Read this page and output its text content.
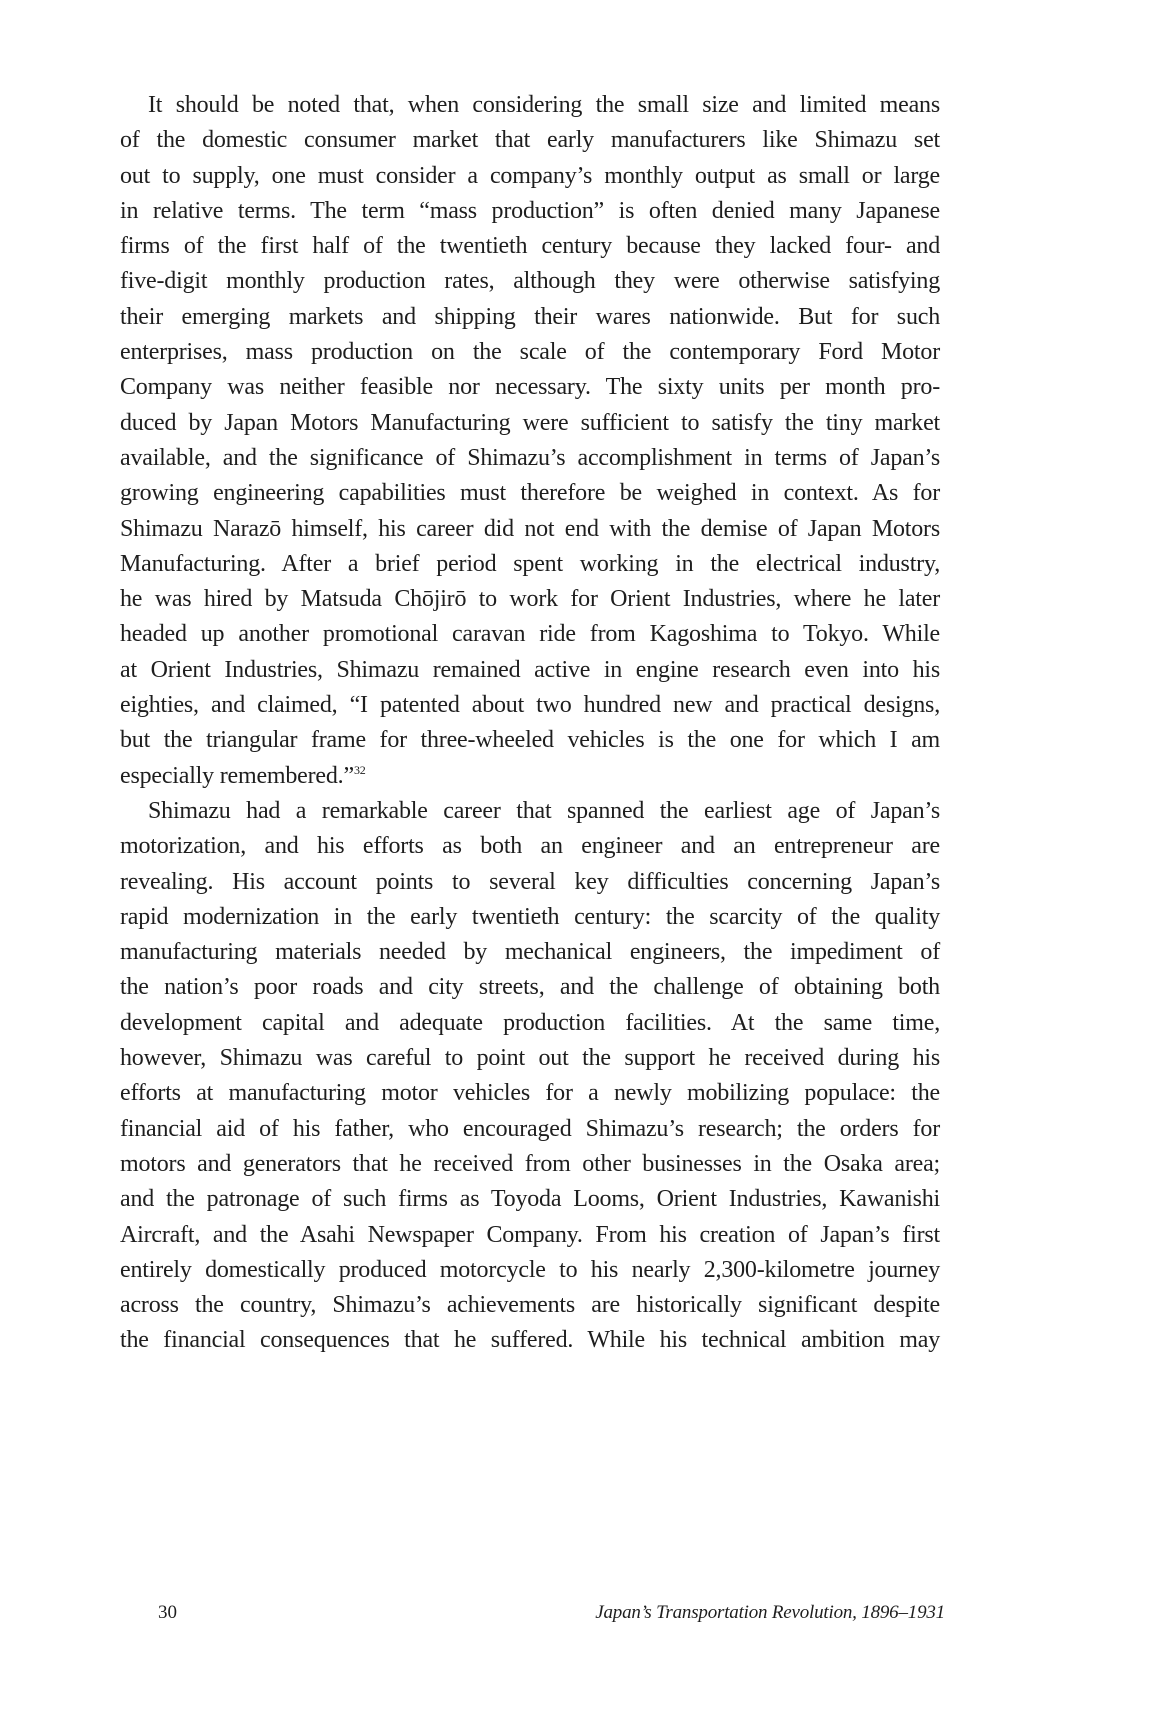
It should be noted that, when considering the small size and limited means
of the domestic consumer market that early manufacturers like Shimazu set
out to supply, one must consider a company’s monthly output as small or large
in relative terms. The term “mass production” is often denied many Japanese
firms of the first half of the twentieth century because they lacked four- and
five-digit monthly production rates, although they were otherwise satisfying
their emerging markets and shipping their wares nationwide. But for such
enterprises, mass production on the scale of the contemporary Ford Motor
Company was neither feasible nor necessary. The sixty units per month pro-
duced by Japan Motors Manufacturing were sufficient to satisfy the tiny market
available, and the significance of Shimazu’s accomplishment in terms of Japan’s
growing engineering capabilities must therefore be weighed in context. As for
Shimazu Narazō himself, his career did not end with the demise of Japan Motors
Manufacturing. After a brief period spent working in the electrical industry,
he was hired by Matsuda Chōjirō to work for Orient Industries, where he later
headed up another promotional caravan ride from Kagoshima to Tokyo. While
at Orient Industries, Shimazu remained active in engine research even into his
eighties, and claimed, “I patented about two hundred new and practical designs,
but the triangular frame for three-wheeled vehicles is the one for which I am
especially remembered.”$^{32}$
Shimazu had a remarkable career that spanned the earliest age of Japan’s
motorization, and his efforts as both an engineer and an entrepreneur are
revealing. His account points to several key difficulties concerning Japan’s
rapid modernization in the early twentieth century: the scarcity of the quality
manufacturing materials needed by mechanical engineers, the impediment of
the nation’s poor roads and city streets, and the challenge of obtaining both
development capital and adequate production facilities. At the same time,
however, Shimazu was careful to point out the support he received during his
efforts at manufacturing motor vehicles for a newly mobilizing populace: the
financial aid of his father, who encouraged Shimazu’s research; the orders for
motors and generators that he received from other businesses in the Osaka area;
and the patronage of such firms as Toyoda Looms, Orient Industries, Kawanishi
Aircraft, and the Asahi Newspaper Company. From his creation of Japan’s first
entirely domestically produced motorcycle to his nearly 2,300-kilometre journey
across the country, Shimazu’s achievements are historically significant despite
the financial consequences that he suffered. While his technical ambition may
30	Japan’s Transportation Revolution, 1896–1931
